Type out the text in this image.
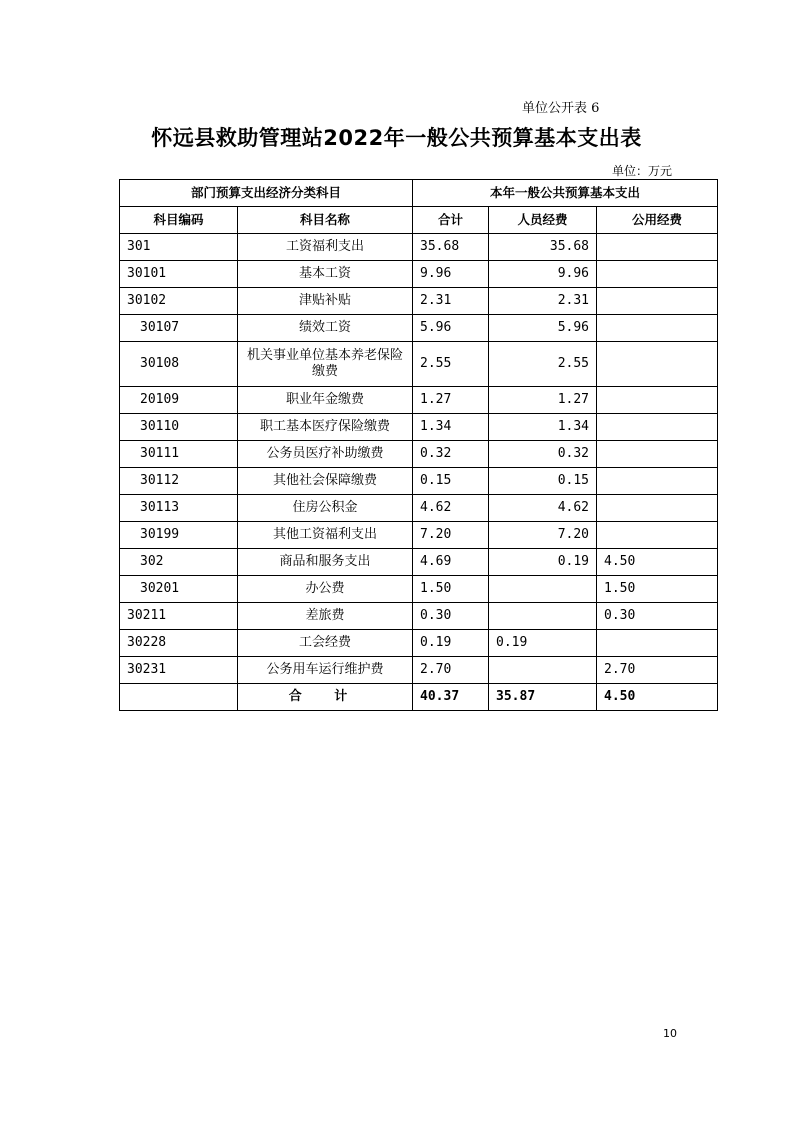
单位公开表 6
怀远县救助管理站2022年一般公共预算基本支出表
单位：万元
部门预算支出经济分类科目		本年一般公共预算基本支出		
科目编码	科目名称	合计	人员经费	公用经费
301	工资福利支出	35.68	35.68	
30101	基本工资	9.96	9.96	
30102	津贴补贴	2.31	2.31	
30107	绩效工资	5.96	5.96	
30108	机关事业单位基本养老保险缴费	2.55	2.55	
20109	职业年金缴费	1.27	1.27	
30110	职工基本医疗保险缴费	1.34	1.34	
30111	公务员医疗补助缴费	0.32	0.32	
30112	其他社会保障缴费	0.15	0.15	
30113	住房公积金	4.62	4.62	
30199	其他工资福利支出	7.20	7.20	
302	商品和服务支出	4.69	0.19	4.50
30201	办公费	1.50		1.50
30211	差旅费	0.30		0.30
30228	工会经费	0.19	0.19	
30231	公务用车运行维护费	2.70		2.70
	合 计	40.37	35.87	4.50
10
